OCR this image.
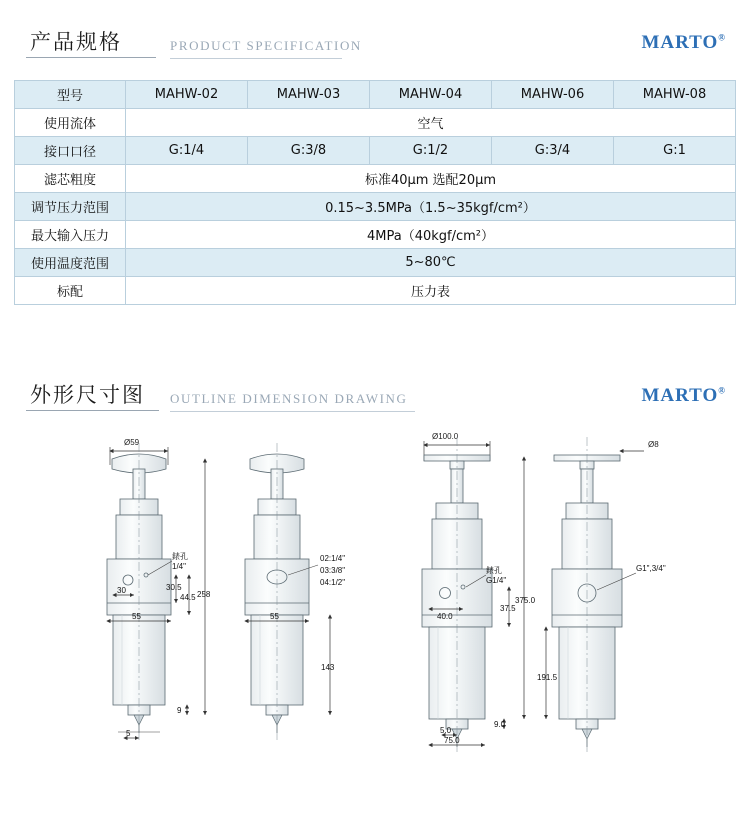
产品规格	PRODUCT SPECIFICATION	MARTO®
型号	MAHW-02	MAHW-03	MAHW-04	MAHW-06	MAHW-08
使用流体	空气				
接口口径	G:1/4	G:3/8	G:1/2	G:3/4	G:1
滤芯粗度	标准40μm 选配20μm				
调节压力范围	0.15~3.5MPa（1.5~35kgf/cm²）				
最大输入压力	4MPa（40kgf/cm²）				
使用温度范围	5~80℃				
标配	压力表				
外形尺寸图 OUTLINE DIMENSION DRAWING	MARTO®
Ø59
錶孔
1/4"
30	30.5
44.5
55
258
9
5
02:1/4"
03:3/8"
04:1/2"
55
143
Ø100.0
錶孔
G1/4"
40.0
37.5
375.0
9.0
5.0
75.0
Ø8
G1",3/4"
191.5
